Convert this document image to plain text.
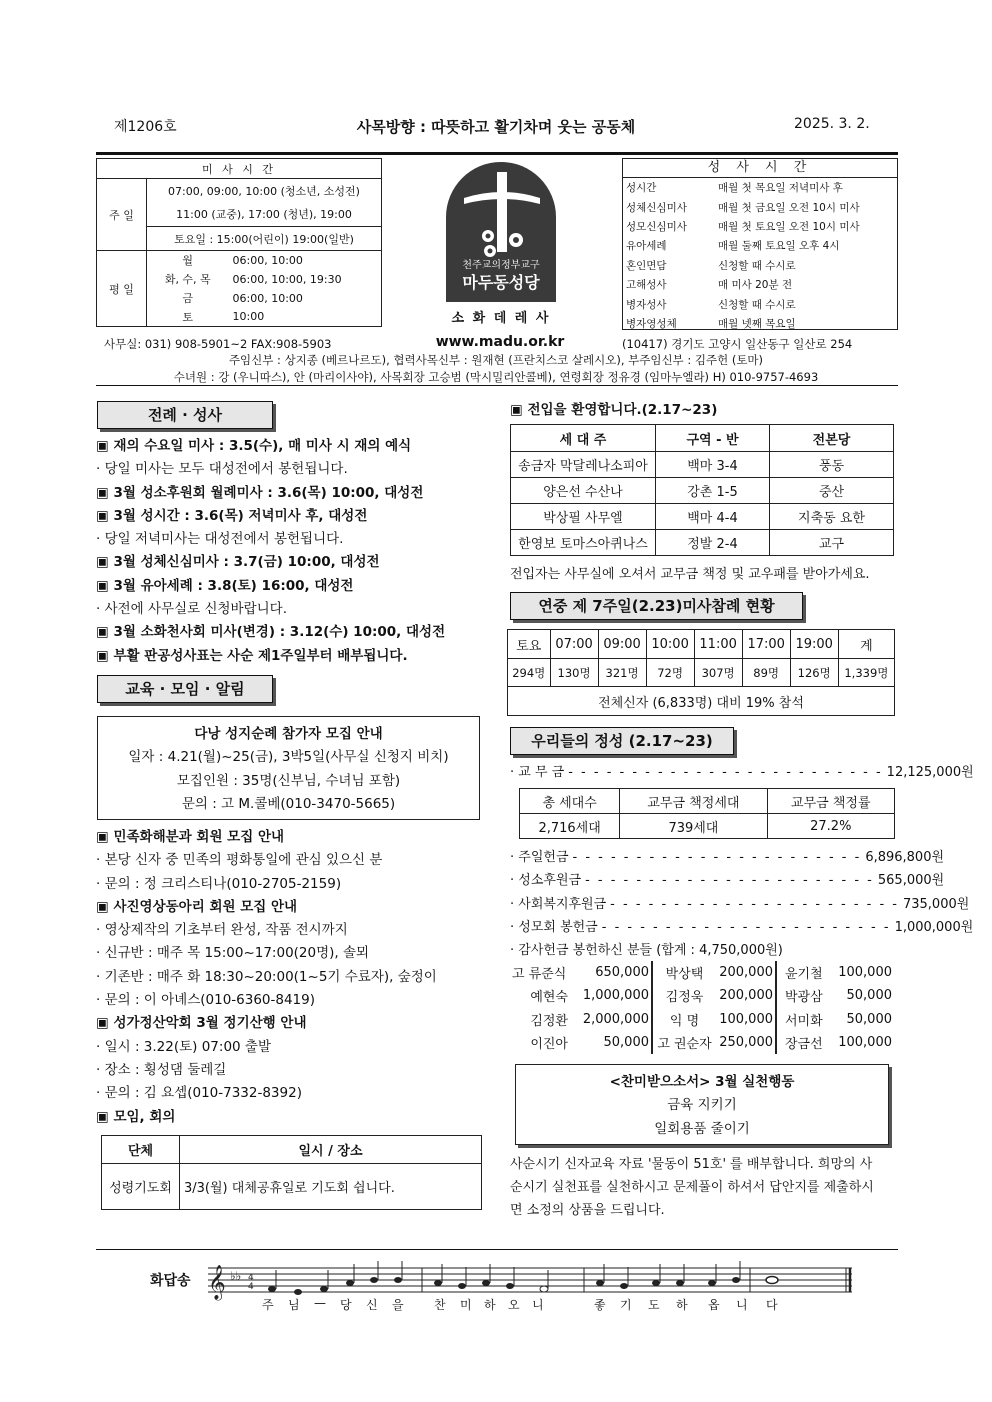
제1206호	사목방향 : 따뜻하고 활기차며 웃는 공동체	2025. 3. 2.
미 사 시 간		
주 일	07:00, 09:00, 10:00 (청소년, 소성전)	
	11:00 (교중), 17:00 (청년), 19:00	
	토요일 : 15:00(어린이) 19:00(일반)	
평 일	월	06:00, 10:00
	화, 수, 목	06:00, 10:00, 19:30
	금	06:00, 10:00
	토	10:00
천주교의정부교구
마두동성당
소 화 데 레 사
www.madu.or.kr
성 사 시 간
성시간	매월 첫 목요일 저녁미사 후
성체신심미사	매월 첫 금요일 오전 10시 미사
성모신심미사	매월 첫 토요일 오전 10시 미사
유아세례	매월 둘째 토요일 오후 4시
혼인면담	신청할 때 수시로
고해성사	매 미사 20분 전
병자성사	신청할 때 수시로
병자영성체	매월 넷째 목요일
사무실: 031) 908-5901~2 FAX:908-5903	(10417) 경기도 고양시 일산동구 일산로 254
주임신부 : 상지종 (베르나르도), 협력사목신부 : 원재현 (프란치스코 살레시오), 부주임신부 : 김주헌 (토마)
수녀원 : 강 (우니따스), 안 (마리이사야), 사목회장 고승범 (막시밀리안콜베), 연령회장 정유경 (임마누엘라) H) 010-9757-4693
전례 · 성사
▣ 재의 수요일 미사 : 3.5(수), 매 미사 시 재의 예식
· 당일 미사는 모두 대성전에서 봉헌됩니다.
▣ 3월 성소후원회 월례미사 : 3.6(목) 10:00, 대성전
▣ 3월 성시간 : 3.6(목) 저녁미사 후, 대성전
· 당일 저녁미사는 대성전에서 봉헌됩니다.
▣ 3월 성체신심미사 : 3.7(금) 10:00, 대성전
▣ 3월 유아세례 : 3.8(토) 16:00, 대성전
· 사전에 사무실로 신청바랍니다.
▣ 3월 소화천사회 미사(변경) : 3.12(수) 10:00, 대성전
▣ 부활 판공성사표는 사순 제1주일부터 배부됩니다.
교육 · 모임 · 알림
다낭 성지순례 참가자 모집 안내
일자 : 4.21(월)~25(금), 3박5일(사무실 신청지 비치)
모집인원 : 35명(신부님, 수녀님 포함)
문의 : 고 M.콜베(010-3470-5665)
▣ 민족화해분과 회원 모집 안내
· 본당 신자 중 민족의 평화통일에 관심 있으신 분
· 문의 : 정 크리스티나(010-2705-2159)
▣ 사진영상동아리 회원 모집 안내
· 영상제작의 기초부터 완성, 작품 전시까지
· 신규반 : 매주 목 15:00~17:00(20명), 솔뫼
· 기존반 : 매주 화 18:30~20:00(1~5기 수료자), 숲정이
· 문의 : 이 아녜스(010-6360-8419)
▣ 성가정산악회 3월 정기산행 안내
· 일시 : 3.22(토) 07:00 출발
· 장소 : 횡성댐 둘레길
· 문의 : 김 요셉(010-7332-8392)
▣ 모임, 회의
단체	일시 / 장소
성령기도회	3/3(월) 대체공휴일로 기도회 쉽니다.
▣ 전입을 환영합니다.(2.17~23)
세 대 주	구역 - 반	전본당
송금자 막달레나소피아	백마 3-4	풍동
양은선 수산나	강촌 1-5	중산
박상필 사무엘	백마 4-4	지축동 요한
한영보 토마스아퀴나스	정발 2-4	교구
전입자는 사무실에 오셔서 교무금 책정 및 교우패를 받아가세요.
연중 제 7주일(2.23)미사참례 현황
토요	07:00	09:00	10:00	11:00	17:00	19:00	계
294명	130명	321명	72명	307명	89명	126명	1,339명
전체신자 (6,833명) 대비 19% 참석							
우리들의 정성 (2.17~23)
· 교 무 금 - - - - - - - - - - - - - - - - - - - - - - - - - 12,125,000원
총 세대수	교무금 책정세대	교무금 책정률
2,716세대	739세대	27.2%
· 주일헌금 - - - - - - - - - - - - - - - - - - - - - - - 6,896,800원
· 성소후원금 - - - - - - - - - - - - - - - - - - - - - - - 565,000원
· 사회복지후원금 - - - - - - - - - - - - - - - - - - - - - - - 735,000원
· 성모회 봉헌금 - - - - - - - - - - - - - - - - - - - - - - - 1,000,000원
· 감사헌금 봉헌하신 분들 (합계 : 4,750,000원)
고 류준식	650,000	박상택	200,000	윤기철	100,000
예현숙	1,000,000	김정욱	200,000	박광삼	50,000
김정환	2,000,000	익 명	100,000	서미화	50,000
이진아	50,000	고 권순자	250,000	장금선	100,000
<찬미받으소서> 3월 실천행동
금육 지키기
일회용품 줄이기
사순시기 신자교육 자료 '물동이 51호' 를 배부합니다. 희망의 사
순시기 실천표를 실천하시고 문제풀이 하셔서 답안지를 제출하시
면 소정의 상품을 드립니다.
화답송 𝄞 ♭♭ 4
4
주 님 — 당 신 을	찬 미 하 오 니	좋 기 도 하 옵 니 다
